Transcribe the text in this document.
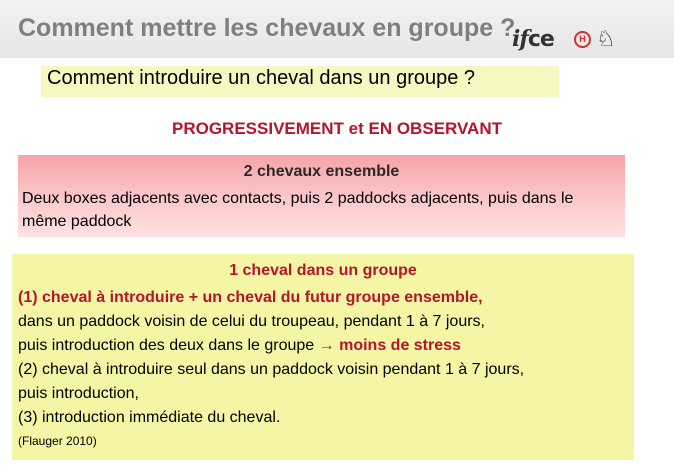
Comment mettre les chevaux en groupe ?
ifce
H ♘
Comment introduire un cheval dans un groupe ?
PROGRESSIVEMENT et EN OBSERVANT
2 chevaux ensemble
Deux boxes adjacents avec contacts, puis 2 paddocks adjacents, puis dans le même paddock
1 cheval dans un groupe
(1) cheval à introduire + un cheval du futur groupe ensemble,
dans un paddock voisin de celui du troupeau, pendant 1 à 7 jours,
puis introduction des deux dans le groupe → moins de stress
(2) cheval à introduire seul dans un paddock voisin pendant 1 à 7 jours,
puis introduction,
(3) introduction immédiate du cheval.
(Flauger 2010)
